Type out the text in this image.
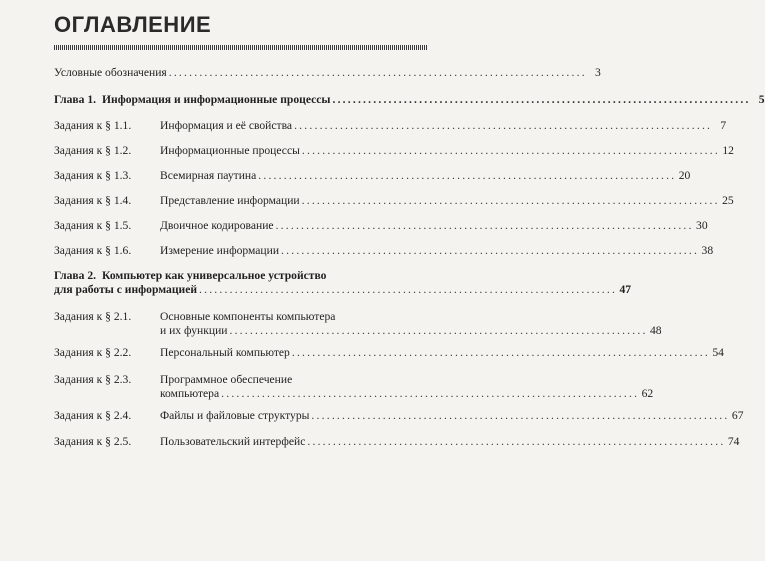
ОГЛАВЛЕНИЕ
Условные обозначения .................................................................................. 3
Глава 1. Информация и информационные процессы .................................................................................. 5
Задания к § 1.1.	Информация и её свойства .................................................................................. 7
Задания к § 1.2.	Информационные процессы .................................................................................. 12
Задания к § 1.3.	Всемирная паутина .................................................................................. 20
Задания к § 1.4.	Представление информации .................................................................................. 25
Задания к § 1.5.	Двоичное кодирование .................................................................................. 30
Задания к § 1.6.	Измерение информации .................................................................................. 38
Глава 2. Компьютер как универсальное устройство
для работы с информацией .................................................................................. 47
Задания к § 2.1.	Основные компоненты компьютера
и их функции .................................................................................. 48
Задания к § 2.2.	Персональный компьютер .................................................................................. 54
Задания к § 2.3.	Программное обеспечение
компьютера .................................................................................. 62
Задания к § 2.4.	Файлы и файловые структуры .................................................................................. 67
Задания к § 2.5.	Пользовательский интерфейс .................................................................................. 74
